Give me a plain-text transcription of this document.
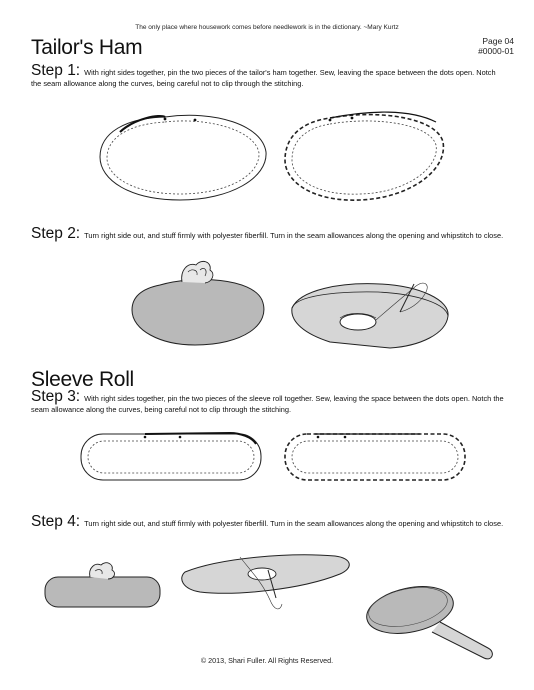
The only place where housework comes before needlework is in the dictionary. ~Mary Kurtz
Tailor's Ham	Page 04
#0000-01
Step 1: With right sides together, pin the two pieces of the tailor's ham together. Sew, leaving the space between the dots open. Notch the seam allowance along the curves, being careful not to clip through the stitching.
Step 2: Turn right side out, and stuff firmly with polyester fiberfill. Turn in the seam allowances along the opening and whipstitch to close.
Sleeve Roll
Step 3: With right sides together, pin the two pieces of the sleeve roll together. Sew, leaving the space between the dots open. Notch the seam allowance along the curves, being careful not to clip through the stitching.
Step 4: Turn right side out, and stuff firmly with polyester fiberfill. Turn in the seam allowances along the opening and whipstitch to close.
© 2013, Shari Fuller. All Rights Reserved.
